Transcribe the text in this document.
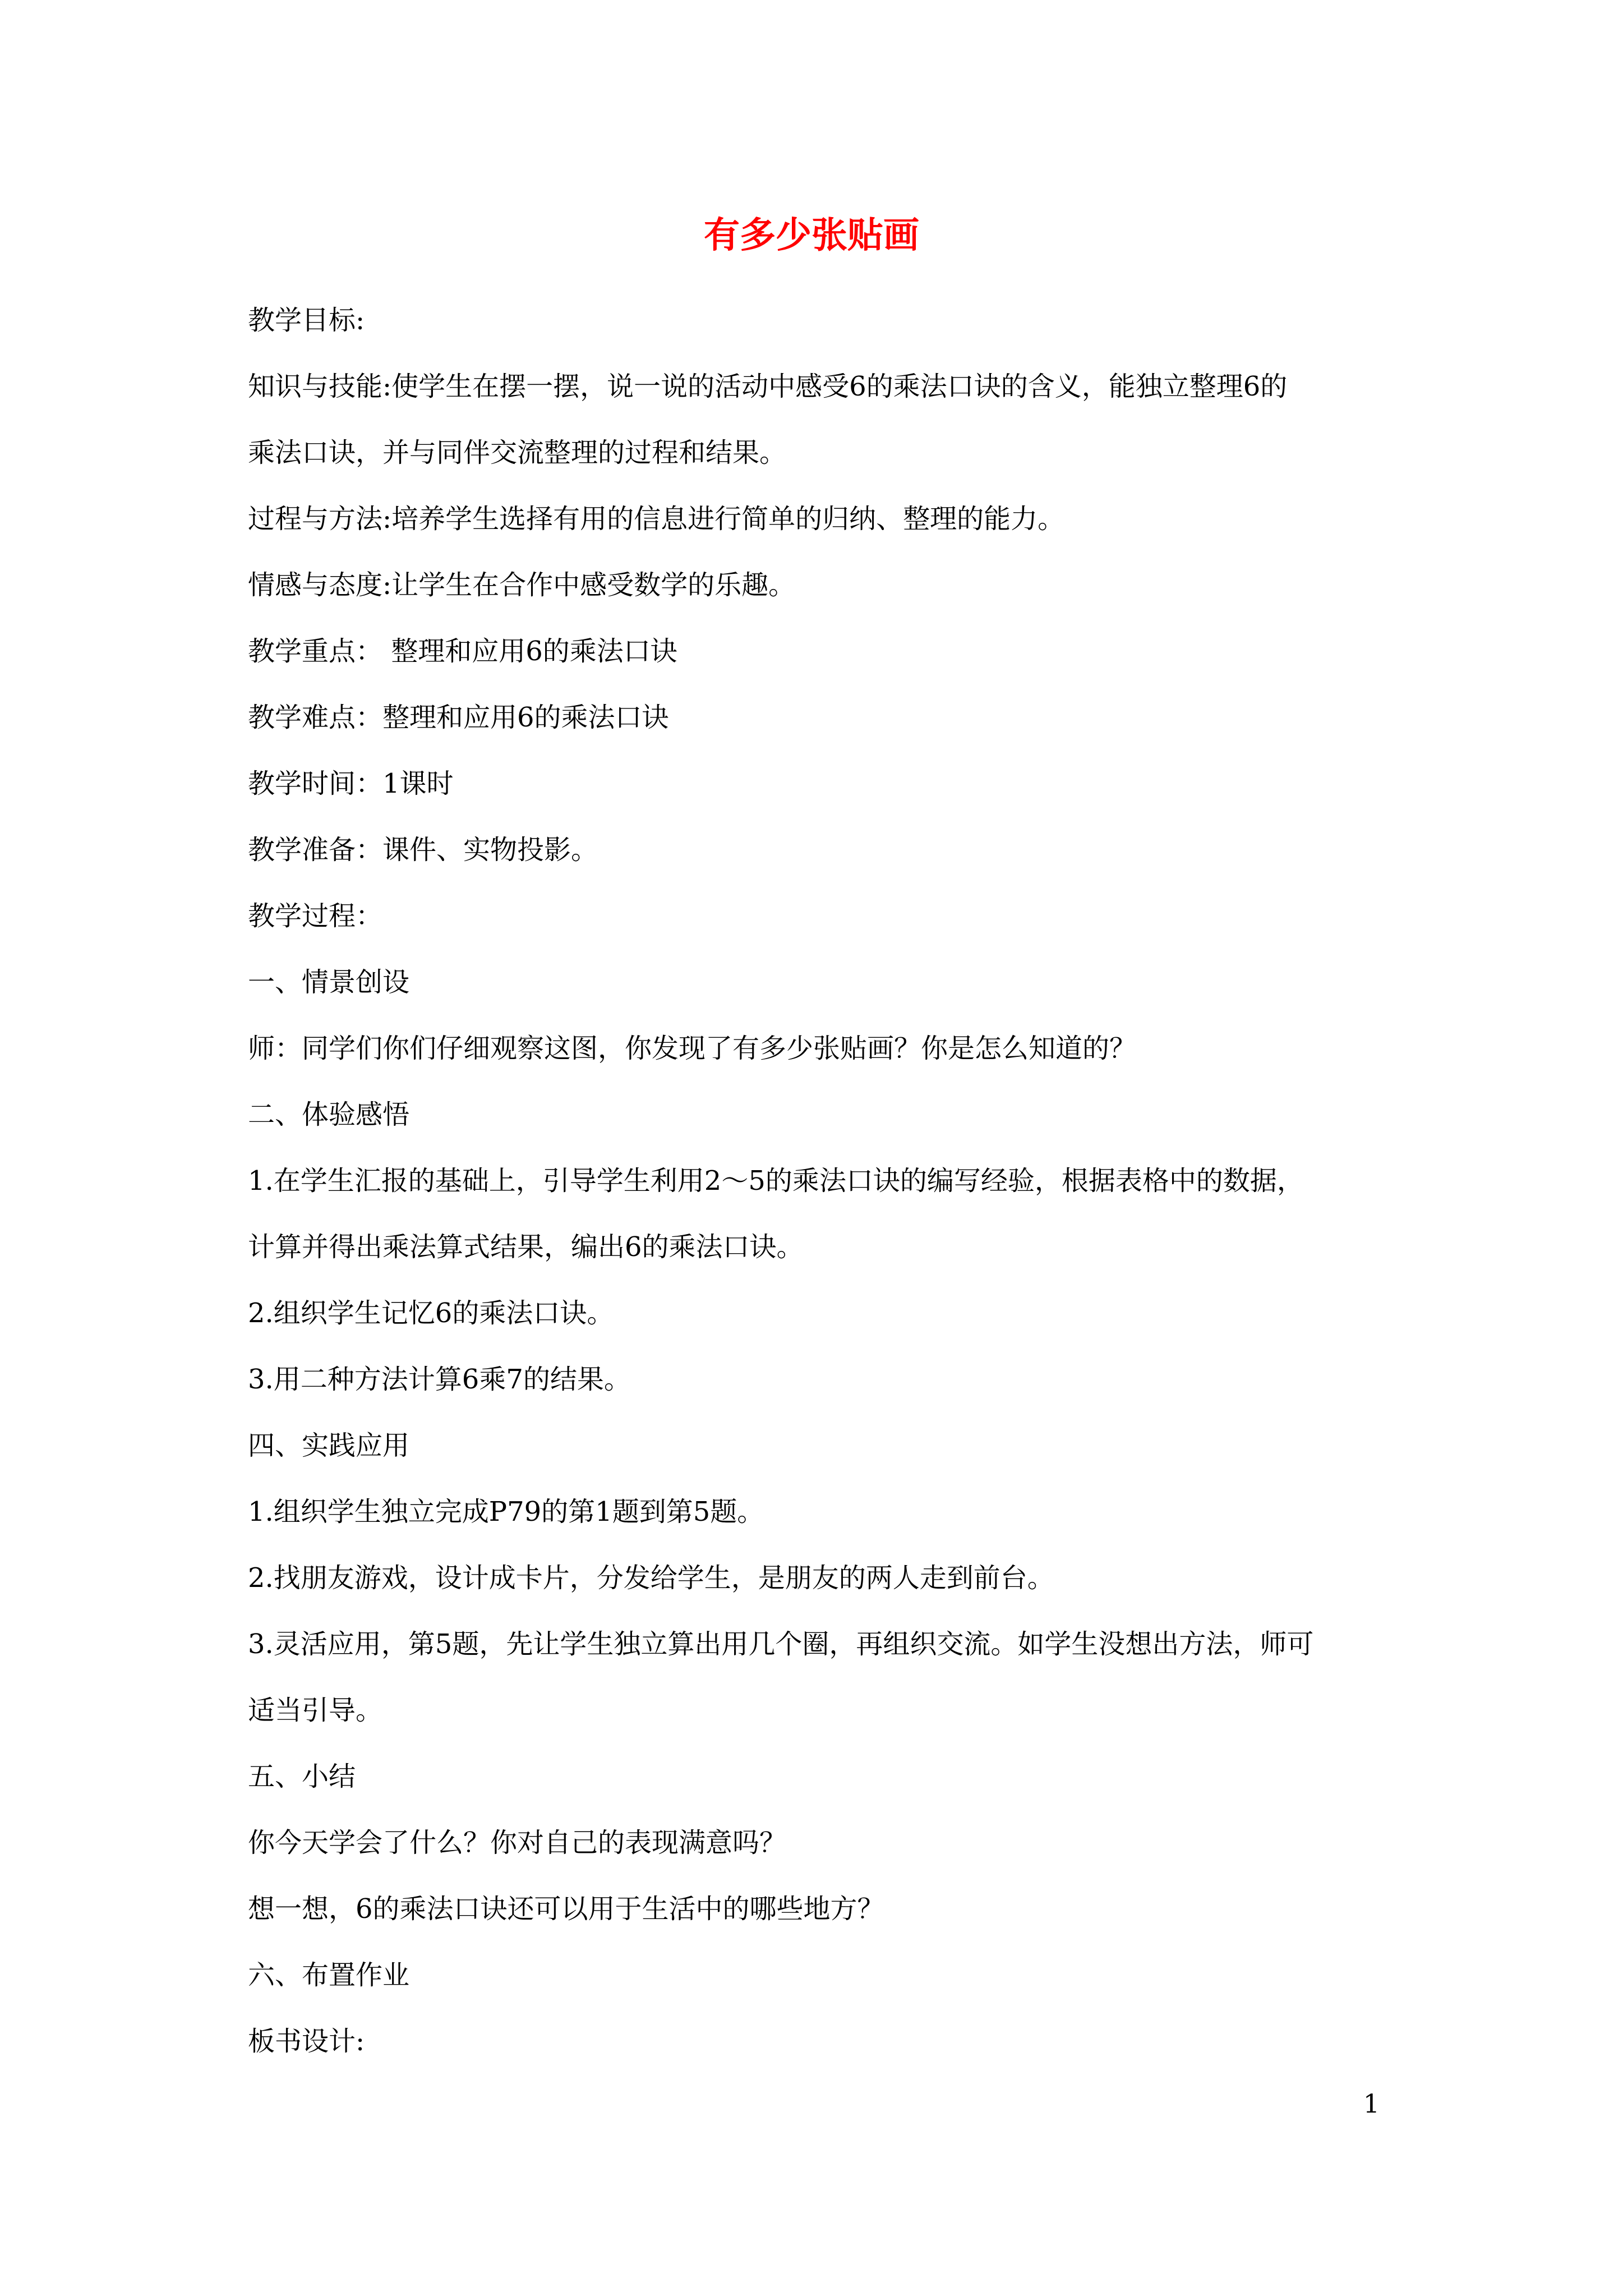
有多少张贴画
教学目标:
知识与技能:使学生在摆一摆，说一说的活动中感受6的乘法口诀的含义，能独立整理6的
乘法口诀，并与同伴交流整理的过程和结果。
过程与方法:培养学生选择有用的信息进行简单的归纳、整理的能力。
情感与态度:让学生在合作中感受数学的乐趣。
教学重点： 整理和应用6的乘法口诀
教学难点：整理和应用6的乘法口诀
教学时间：1课时
教学准备：课件、实物投影。
教学过程：
一、情景创设
师：同学们你们仔细观察这图，你发现了有多少张贴画？你是怎么知道的？
二、体验感悟
1.在学生汇报的基础上，引导学生利用2～5的乘法口诀的编写经验，根据表格中的数据，
计算并得出乘法算式结果，编出6的乘法口诀。
2.组织学生记忆6的乘法口诀。
3.用二种方法计算6乘7的结果。
四、实践应用
1.组织学生独立完成P79的第1题到第5题。
2.找朋友游戏，设计成卡片，分发给学生，是朋友的两人走到前台。
3.灵活应用，第5题，先让学生独立算出用几个圈，再组织交流。如学生没想出方法，师可
适当引导。
五、小结
你今天学会了什么？你对自己的表现满意吗？
想一想，6的乘法口诀还可以用于生活中的哪些地方？
六、布置作业
板书设计:
1
